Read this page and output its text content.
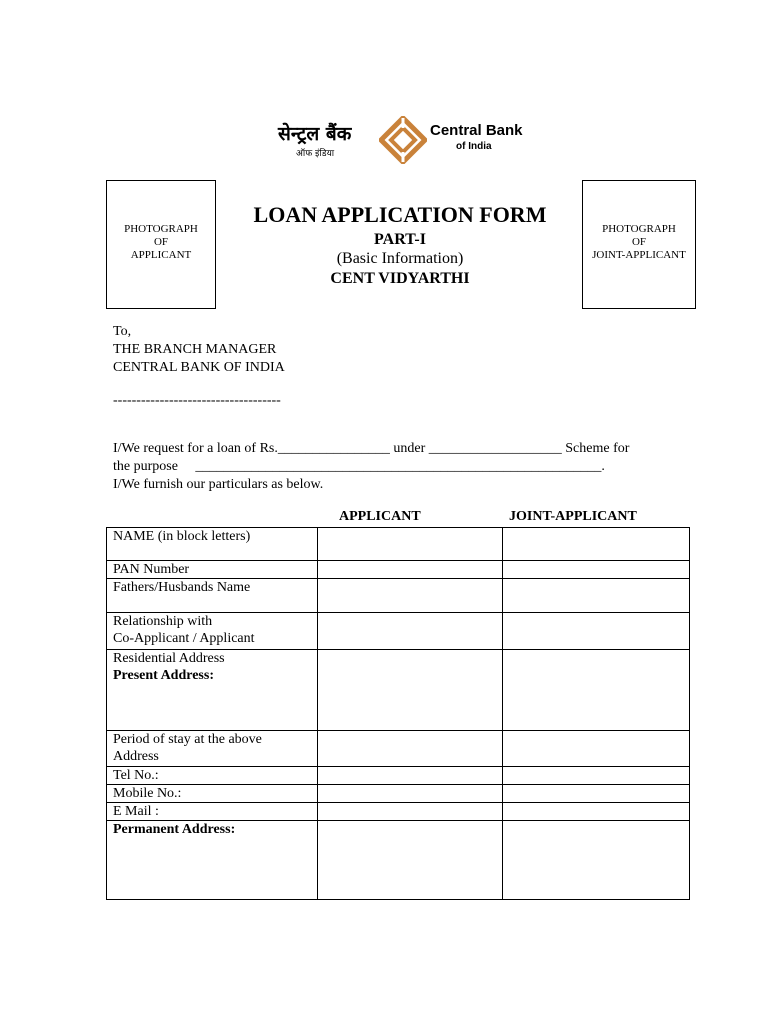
सेन्ट्रल बैंक
ऑफ इंडिया
Central Bank
of India
PHOTOGRAPH
OF
APPLICANT
PHOTOGRAPH
OF
JOINT-APPLICANT
LOAN APPLICATION FORM
PART-I
(Basic Information)
CENT VIDYARTHI
To,
THE BRANCH MANAGER
CENTRAL BANK OF INDIA
------------------------------------
I/We request for a loan of Rs.________________ under ___________________ Scheme for
the purpose     __________________________________________________________.
I/We furnish our particulars as below.
APPLICANT	JOINT-APPLICANT
NAME (in block letters)		
PAN Number		
Fathers/Husbands Name		

Relationship with
Co-Applicant / Applicant		

Residential Address
Present Address:		

Period of stay at the above
Address		

Tel No.:		
Mobile No.:		
E Mail :		
Permanent Address:		
